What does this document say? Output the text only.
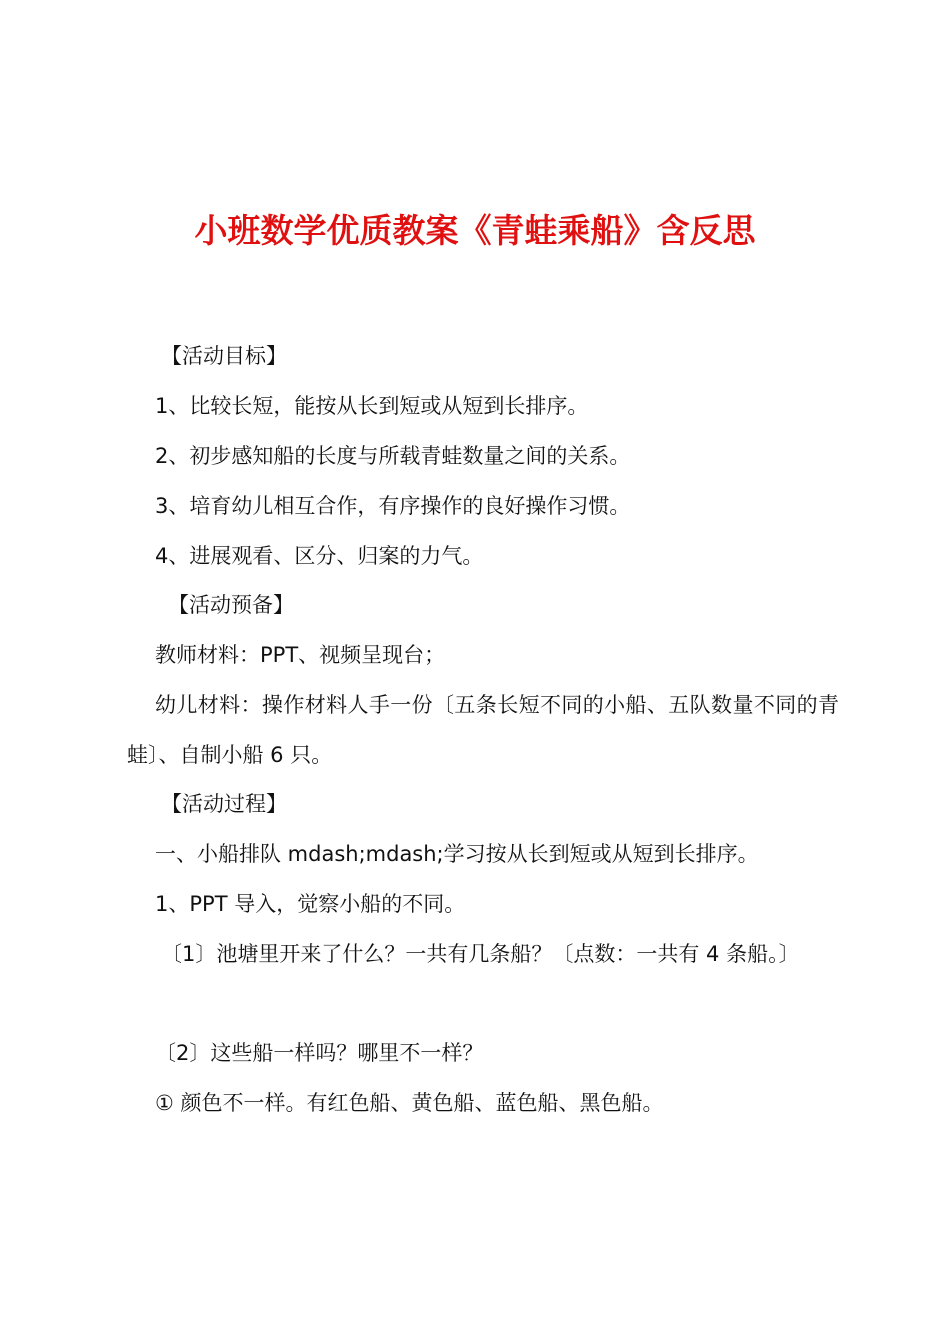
小班数学优质教案《青蛙乘船》含反思
【活动目标】
1、比较长短，能按从长到短或从短到长排序。
2、初步感知船的长度与所载青蛙数量之间的关系。
3、培育幼儿相互合作，有序操作的良好操作习惯。
4、进展观看、区分、归案的力气。
【活动预备】
教师材料：PPT、视频呈现台；
幼儿材料：操作材料人手一份〔五条长短不同的小船、五队数量不同的青蛙〕、自制小船 6 只。
【活动过程】
一、小船排队 mdash;mdash;学习按从长到短或从短到长排序。
1、PPT 导入，觉察小船的不同。
〔1〕池塘里开来了什么？一共有几条船？〔点数：一共有 4 条船。〕
〔2〕这些船一样吗？哪里不一样？
① 颜色不一样。有红色船、黄色船、蓝色船、黑色船。
